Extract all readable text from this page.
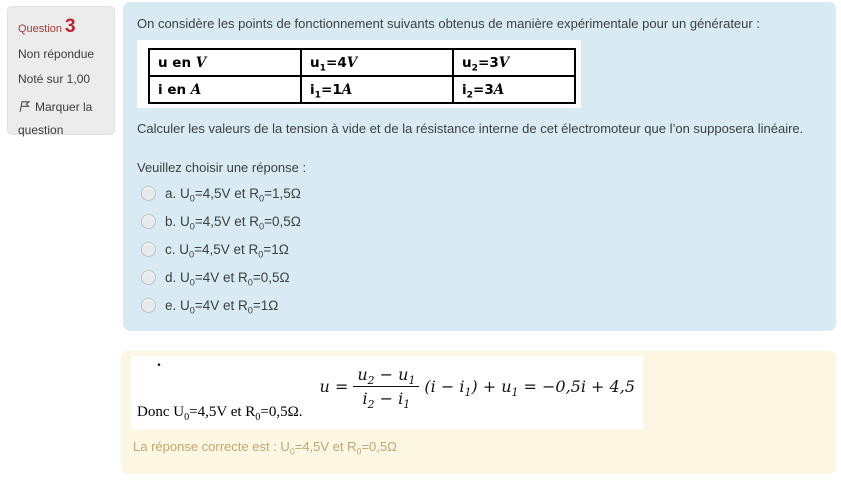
Question 3
Non répondue
Noté sur 1,00
Marquer la question

On considère les points de fonctionnement suivants obtenus de manière expérimentale pour un générateur :

u en V	$u_1=4V$	$u_2=3V$
i en A	$i_1=1A$	$i_2=3A$

Calculer les valeurs de la tension à vide et de la résistance interne de cet électromoteur que l’on supposera linéaire.

Veuillez choisir une réponse :

a. $U_0=4,5V$ et $R_0=1,5\Omega$
b. $U_0=4,5V$ et $R_0=0,5\Omega$
c. $U_0=4,5V$ et $R_0=1\Omega$
d. $U_0=4V$ et $R_0=0,5\Omega$
e. $U_0=4V$ et $R_0=1\Omega$
.
$u = \frac{u_2 - u_1}{i_2 - i_1} (i - i_1) + u_1 = -0,5i + 4,5$
Donc $U_0=4,5V$ et $R_0=0,5\Omega$.
La réponse correcte est : $U_0=4,5V$ et $R_0=0,5\Omega$
